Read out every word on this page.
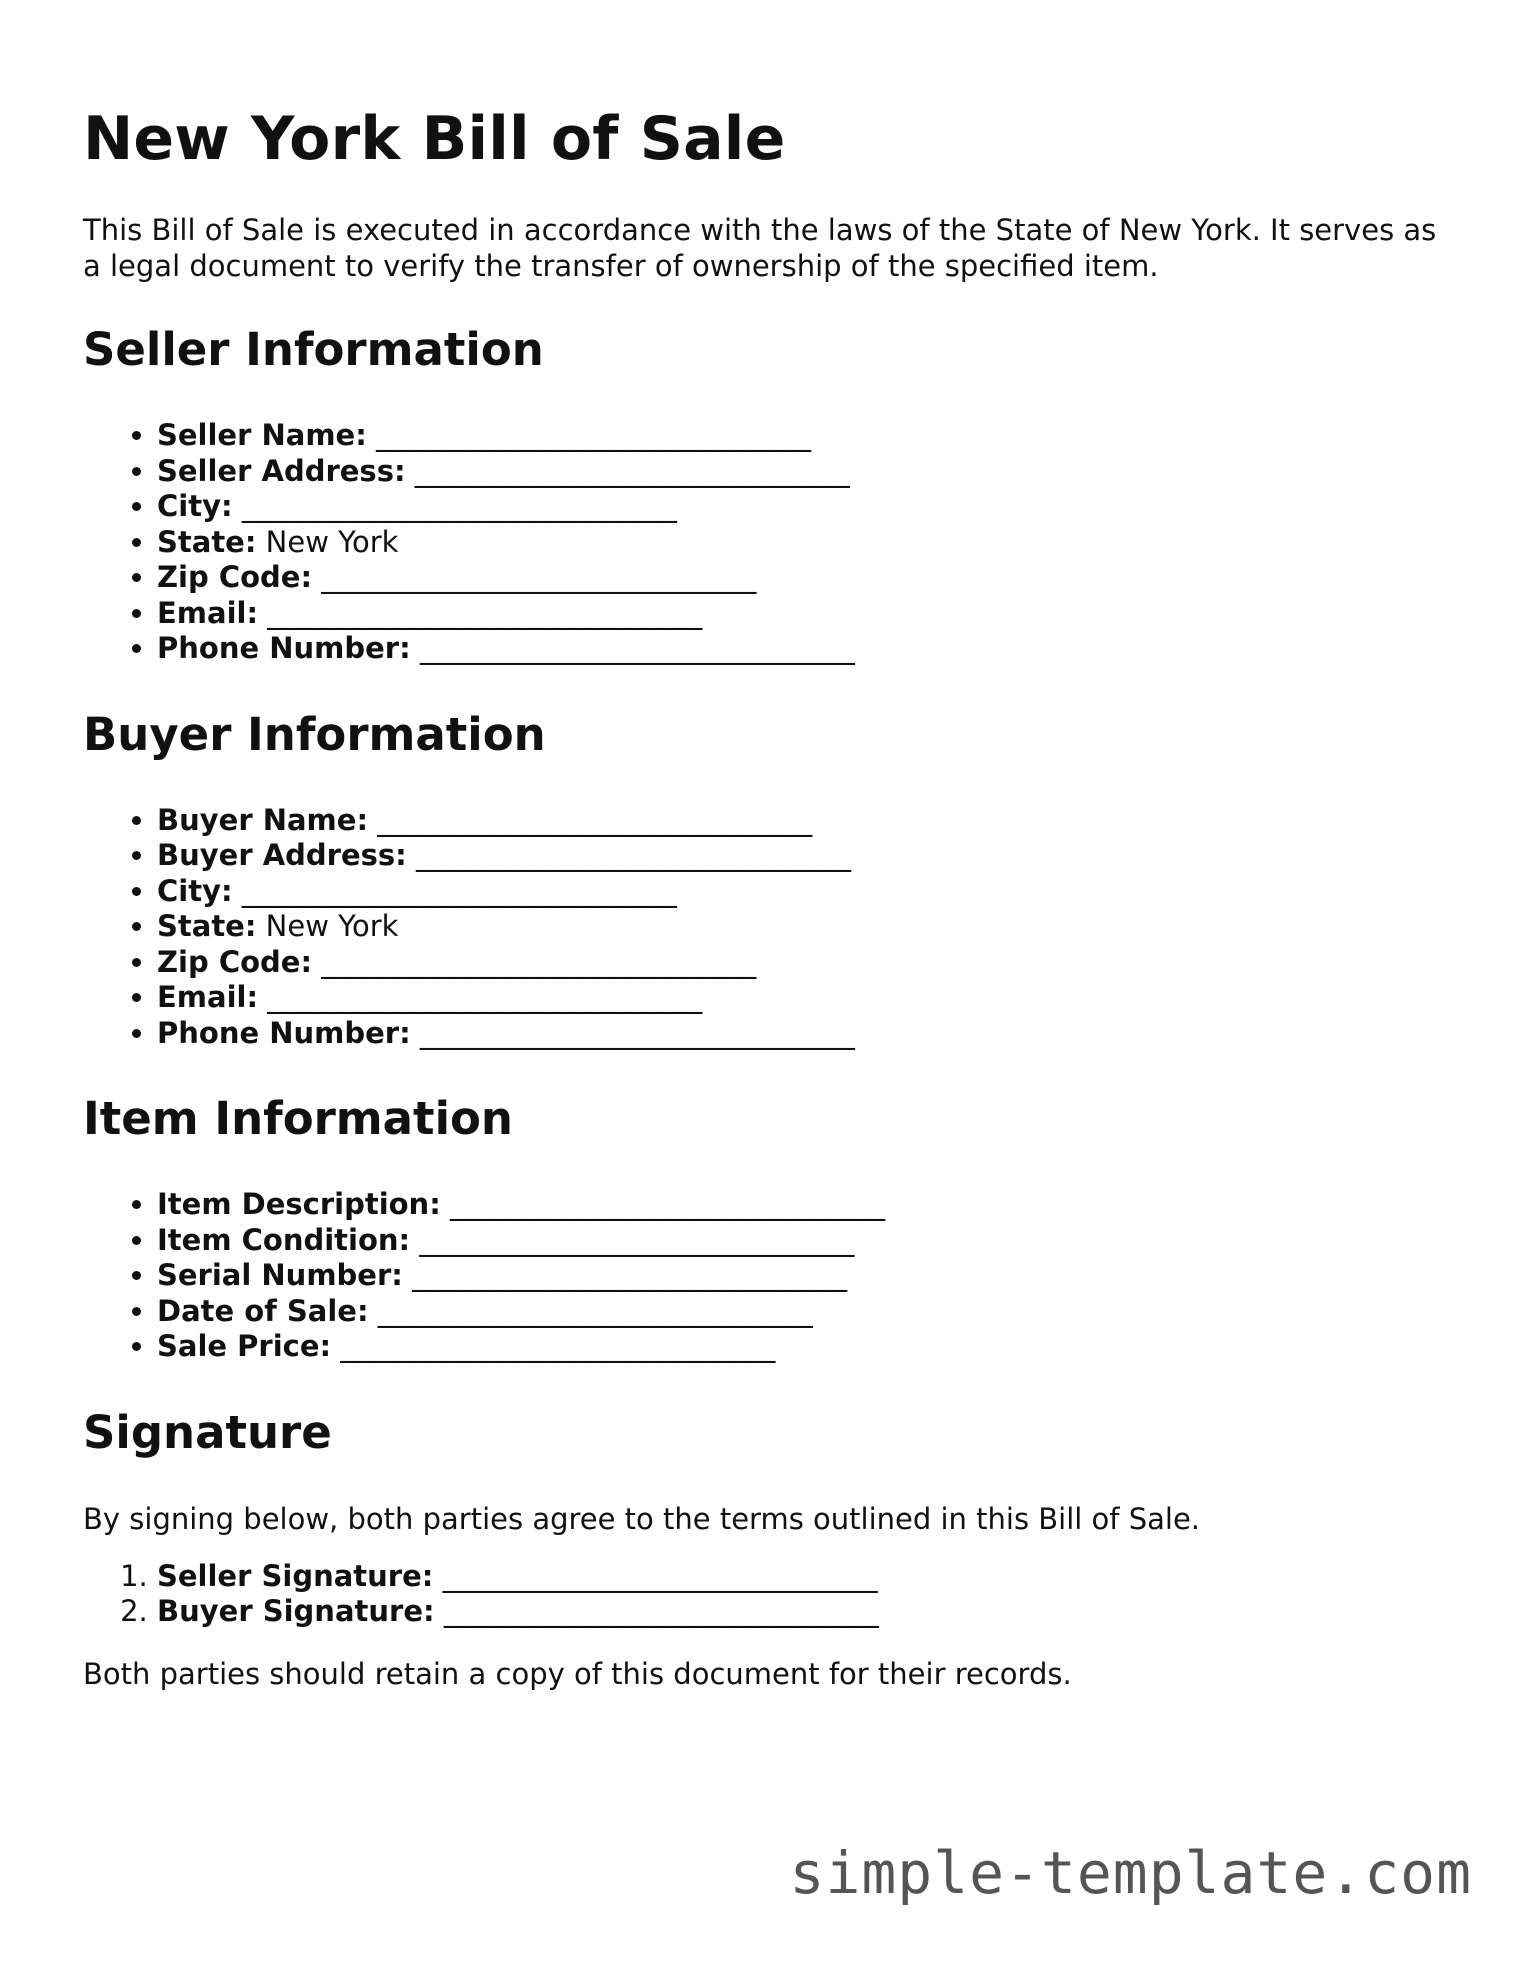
New York Bill of Sale

This Bill of Sale is executed in accordance with the laws of the State of New York. It serves as a legal document to verify the transfer of ownership of the specified item.

Seller Information
• Seller Name: ______________________________
• Seller Address: ______________________________
• City: ______________________________
• State: New York
• Zip Code: ______________________________
• Email: ______________________________
• Phone Number: ______________________________
Buyer Information
• Buyer Name: ______________________________
• Buyer Address: ______________________________
• City: ______________________________
• State: New York
• Zip Code: ______________________________
• Email: ______________________________
• Phone Number: ______________________________
Item Information
• Item Description: ______________________________
• Item Condition: ______________________________
• Serial Number: ______________________________
• Date of Sale: ______________________________
• Sale Price: ______________________________
Signature

By signing below, both parties agree to the terms outlined in this Bill of Sale.

1. Seller Signature: ______________________________
2. Buyer Signature: ______________________________

Both parties should retain a copy of this document for their records.

simple-template.com
